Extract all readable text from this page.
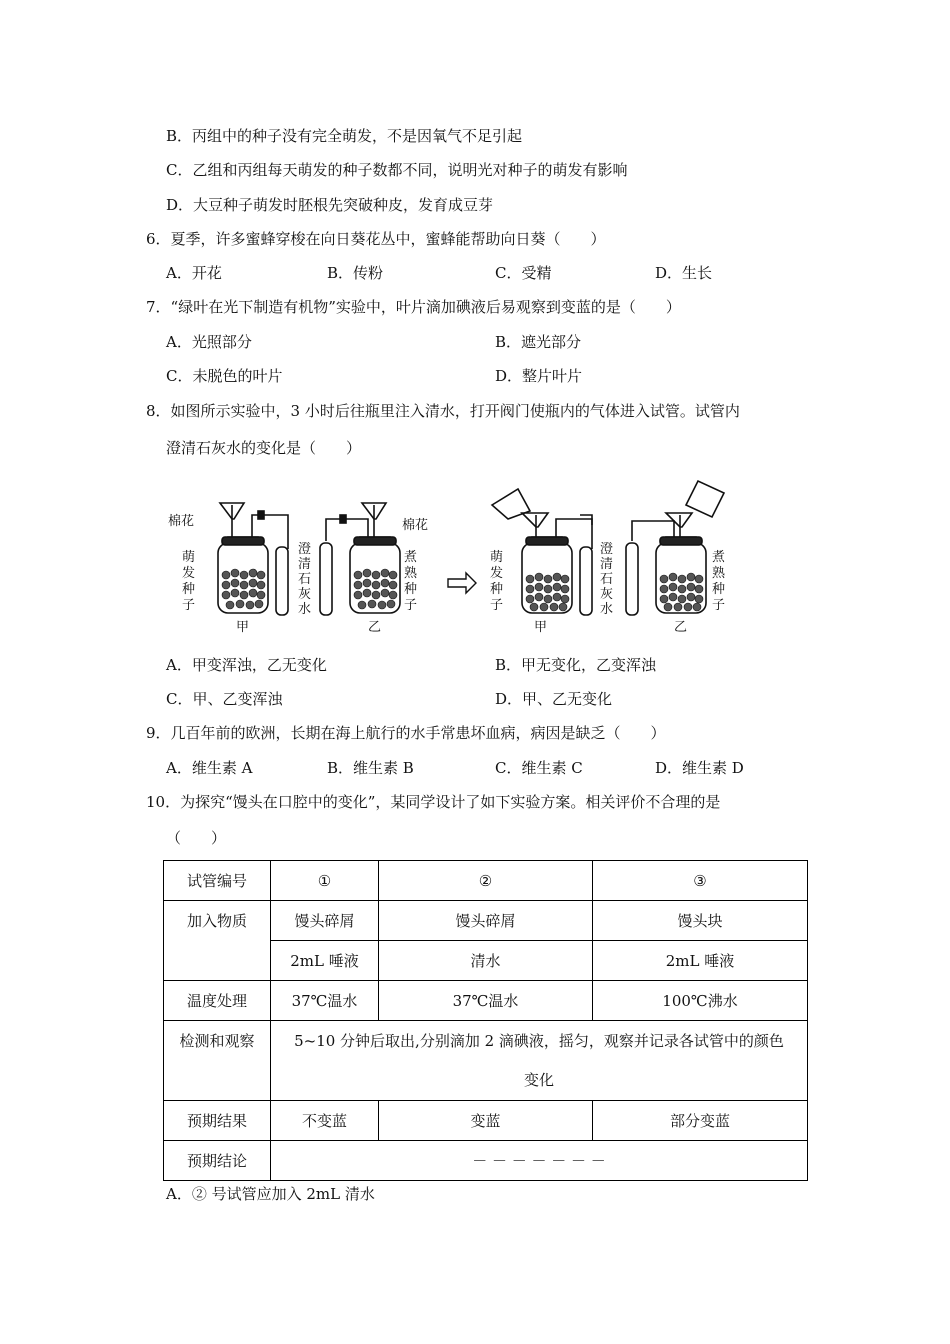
B．丙组中的种子没有完全萌发，不是因氧气不足引起
C．乙组和丙组每天萌发的种子数都不同，说明光对种子的萌发有影响
D．大豆种子萌发时胚根先突破种皮，发育成豆芽
6．夏季，许多蜜蜂穿梭在向日葵花丛中，蜜蜂能帮助向日葵（　　）
A．开花	B．传粉	C．受精	D．生长
7．“绿叶在光下制造有机物”实验中，叶片滴加碘液后易观察到变蓝的是（　　）
A．光照部分	B．遮光部分
C．未脱色的叶片	D．整片叶片
8．如图所示实验中，3 小时后往瓶里注入清水，打开阀门使瓶内的气体进入试管。试管内
澄清石灰水的变化是（　　）
棉花	棉花
萌
发
种
子
澄
清
石
灰
水
煮
熟
种
子
甲	乙
萌
发
种
子
澄
清
石
灰
水
煮
熟
种
子
甲	乙
A．甲变浑浊，乙无变化	B．甲无变化，乙变浑浊
C．甲、乙变浑浊	D．甲、乙无变化
9．几百年前的欧洲，长期在海上航行的水手常患坏血病，病因是缺乏（　　）
A．维生素 A	B．维生素 B	C．维生素 C	D．维生素 D
10．为探究“馒头在口腔中的变化”，某同学设计了如下实验方案。相关评价不合理的是
（　　）
试管编号	①	②	③
加入物质	馒头碎屑	馒头碎屑	馒头块
	2mL 唾液	清水	2mL 唾液
温度处理	37℃温水	37℃温水	100℃沸水
检测和观察	5~10 分钟后取出,分别滴加 2 滴碘液，摇匀，观察并记录各试管中的颜色
变化		

预期结果	不变蓝	变蓝	部分变蓝
预期结论	－ － － － － － －		
A．② 号试管应加入 2mL 清水
